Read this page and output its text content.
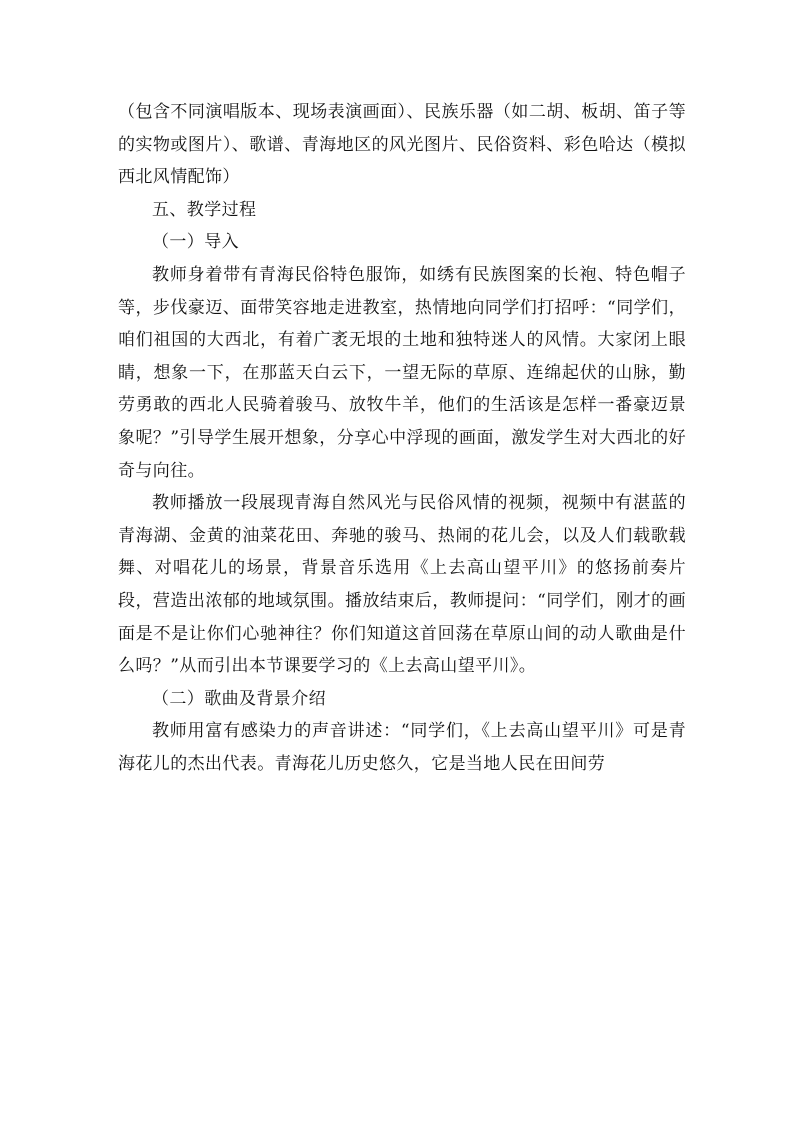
（包含不同演唱版本、现场表演画面）、民族乐器（如二胡、板胡、笛子等的实物或图片）、歌谱、青海地区的风光图片、民俗资料、彩色哈达（模拟西北风情配饰）

五、教学过程

（一）导入

教师身着带有青海民俗特色服饰，如绣有民族图案的长袍、特色帽子等，步伐豪迈、面带笑容地走进教室，热情地向同学们打招呼：“同学们，咱们祖国的大西北，有着广袤无垠的土地和独特迷人的风情。大家闭上眼睛，想象一下，在那蓝天白云下，一望无际的草原、连绵起伏的山脉，勤劳勇敢的西北人民骑着骏马、放牧牛羊，他们的生活该是怎样一番豪迈景象呢？”引导学生展开想象，分享心中浮现的画面，激发学生对大西北的好奇与向往。

教师播放一段展现青海自然风光与民俗风情的视频，视频中有湛蓝的青海湖、金黄的油菜花田、奔驰的骏马、热闹的花儿会，以及人们载歌载舞、对唱花儿的场景，背景音乐选用《上去高山望平川》的悠扬前奏片段，营造出浓郁的地域氛围。播放结束后，教师提问：“同学们，刚才的画面是不是让你们心驰神往？你们知道这首回荡在草原山间的动人歌曲是什么吗？”从而引出本节课要学习的《上去高山望平川》。

（二）歌曲及背景介绍

教师用富有感染力的声音讲述：“同学们，《上去高山望平川》可是青海花儿的杰出代表。青海花儿历史悠久，它是当地人民在田间劳
